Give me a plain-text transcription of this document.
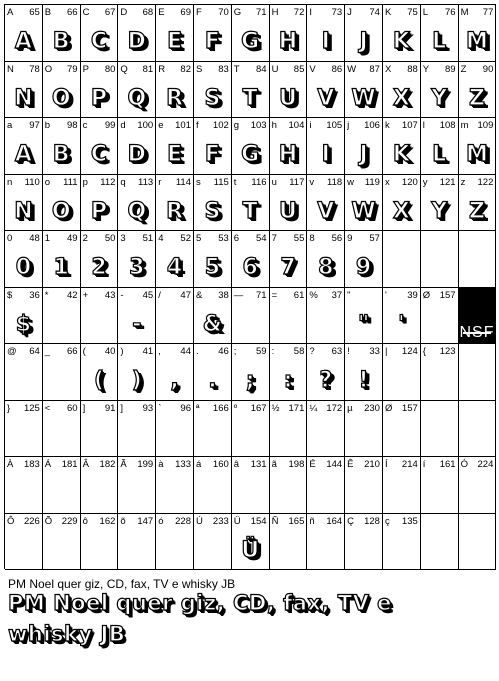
A 65
A
B 66
B
C 67
C
D 68
D
E 69
E
F 70
F
G 71
G
H 72
H
I 73
I
J 74
J
K 75
K
L 76
L
M 77
M
N 78
N
O 79
O
P 80
P
Q 81
Q
R 82
R
S 83
S
T 84
T
U 85
U
V 86
V
W 87
W
X 88
X
Y 89
Y
Z 90
Z
a 97
A
b 98
B
c 99
C
d 100
D
e 101
E
f 102
F
g 103
G
h 104
H
i 105
I
j 106
J
k 107
K
l 108
L
m 109
M
n 110
N
o 111
O
p 112
P
q 113
Q
r 114
R
s 115
S
t 116
T
u 117
U
v 118
V
w 119
W
x 120
X
y 121
Y
z 122
Z
0 48
0
1 49
1
2 50
2
3 51
3
4 52
4
5 53
5
6 54
6
7 55
7
8 56
8
9 57
9
$ 36
$
* 42 + 43 - 45
-
/ 47 & 38
&
— 71 = 61 % 37 "
"
' 39
'
Ø 157 # 35
NSF
@ 64 _ 66 ( 40
(
) 41
)
, 44
,
. 46
.
; 59
;
: 58
:
? 63
?
! 33
!
| 124 { 123
} 125 < 60 ] 91 ] 93 ` 96 ª 166 º 167 ½ 171 ¼ 172 µ 230 Ø 157
À 183 Á 181 Â 182 Ã 199 à 133 á 160 â 131 ã 198 É 144 Ê 210 Í 214 í 161 Ó 224
Ô 226 Õ 229 ô 162 õ 147 ó 228 Ú 233 Ü 154
Ü
Ñ 165 ñ 164 Ç 128 ç 135
PM Noel quer giz, CD, fax, TV e whisky JB
PM Noel quer giz, CD, fax, TV e
whisky JB
